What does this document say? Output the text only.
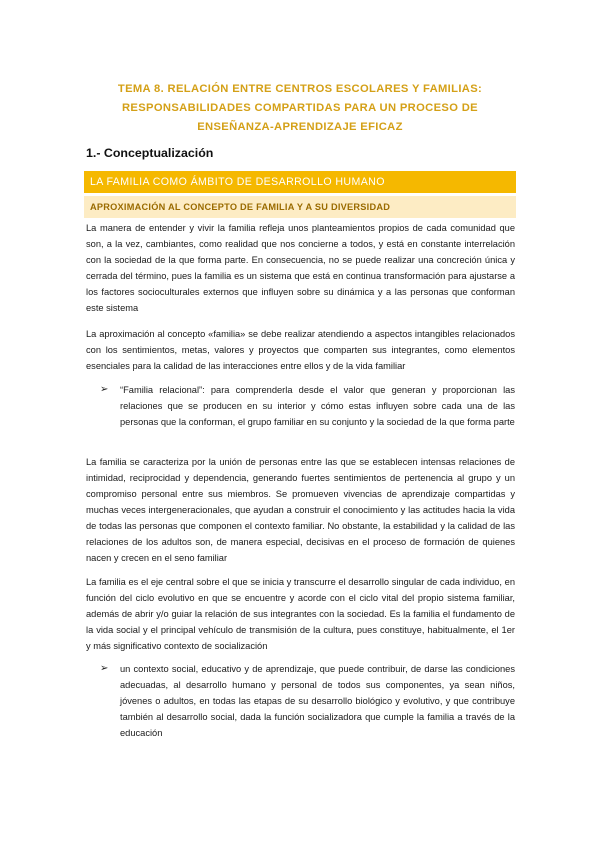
TEMA 8. RELACIÓN ENTRE CENTROS ESCOLARES Y FAMILIAS: RESPONSABILIDADES COMPARTIDAS PARA UN PROCESO DE ENSEÑANZA-APRENDIZAJE EFICAZ
1.- Conceptualización
LA FAMILIA COMO ÁMBITO DE DESARROLLO HUMANO
APROXIMACIÓN AL CONCEPTO DE FAMILIA Y A SU DIVERSIDAD

La manera de entender y vivir la familia refleja unos planteamientos propios de cada comunidad que son, a la vez, cambiantes, como realidad que nos concierne a todos, y está en constante interrelación con la sociedad de la que forma parte. En consecuencia, no se puede realizar una concreción única y cerrada del término, pues la familia es un sistema que está en continua transformación para ajustarse a los factores socioculturales externos que influyen sobre su dinámica y a las personas que conforman este sistema

La aproximación al concepto «familia» se debe realizar atendiendo a aspectos intangibles relacionados con los sentimientos, metas, valores y proyectos que comparten sus integrantes, como elementos esenciales para la calidad de las interacciones entre ellos y de la vida familiar

➢	“Familia relacional”: para comprenderla desde el valor que generan y proporcionan las relaciones que se producen en su interior y cómo estas influyen sobre cada una de las personas que la conforman, el grupo familiar en su conjunto y la sociedad de la que forma parte

La familia se caracteriza por la unión de personas entre las que se establecen intensas relaciones de intimidad, reciprocidad y dependencia, generando fuertes sentimientos de pertenencia al grupo y un compromiso personal entre sus miembros. Se promueven vivencias de aprendizaje compartidas y muchas veces intergeneracionales, que ayudan a construir el conocimiento y las actitudes hacia la vida de todas las personas que componen el contexto familiar. No obstante, la estabilidad y la calidad de las relaciones de los adultos son, de manera especial, decisivas en el proceso de formación de quienes nacen y crecen en el seno familiar

La familia es el eje central sobre el que se inicia y transcurre el desarrollo singular de cada individuo, en función del ciclo evolutivo en que se encuentre y acorde con el ciclo vital del propio sistema familiar, además de abrir y/o guiar la relación de sus integrantes con la sociedad. Es la familia el fundamento de la vida social y el principal vehículo de transmisión de la cultura, pues constituye, habitualmente, el 1er y más significativo contexto de socialización

➢	un contexto social, educativo y de aprendizaje, que puede contribuir, de darse las condiciones adecuadas, al desarrollo humano y personal de todos sus componentes, ya sean niños, jóvenes o adultos, en todas las etapas de su desarrollo biológico y evolutivo, y que contribuye también al desarrollo social, dada la función socializadora que cumple la familia a través de la educación
